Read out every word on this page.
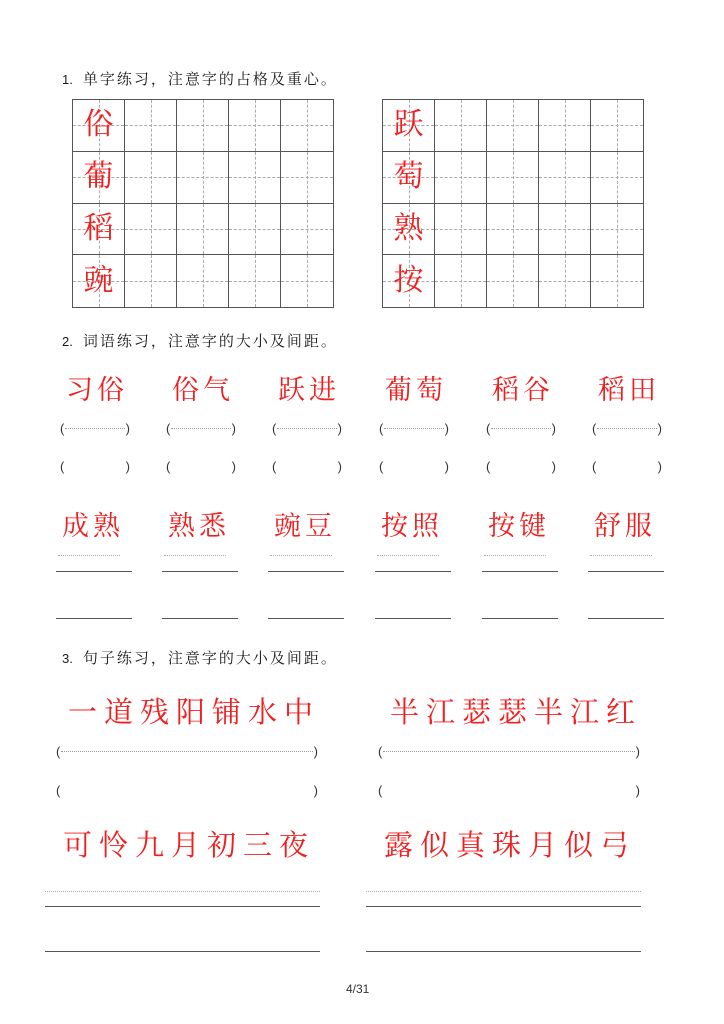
1. 单字练习，注意字的占格及重心。
俗
葡
稻
豌
跃
萄
熟
按
2. 词语练习，注意字的大小及间距。
习俗
(	)
(	)
俗气
(	)
(	)
跃进
(	)
(	)
葡萄
(	)
(	)
稻谷
(	)
(	)
稻田
(	)
(	)
成熟 熟悉 豌豆 按照 按键 舒服
3. 句子练习，注意字的大小及间距。
一道残阳铺水中
(	)
(	)
半江瑟瑟半江红
(	)
(	)
可怜九月初三夜 露似真珠月似弓
4/31
